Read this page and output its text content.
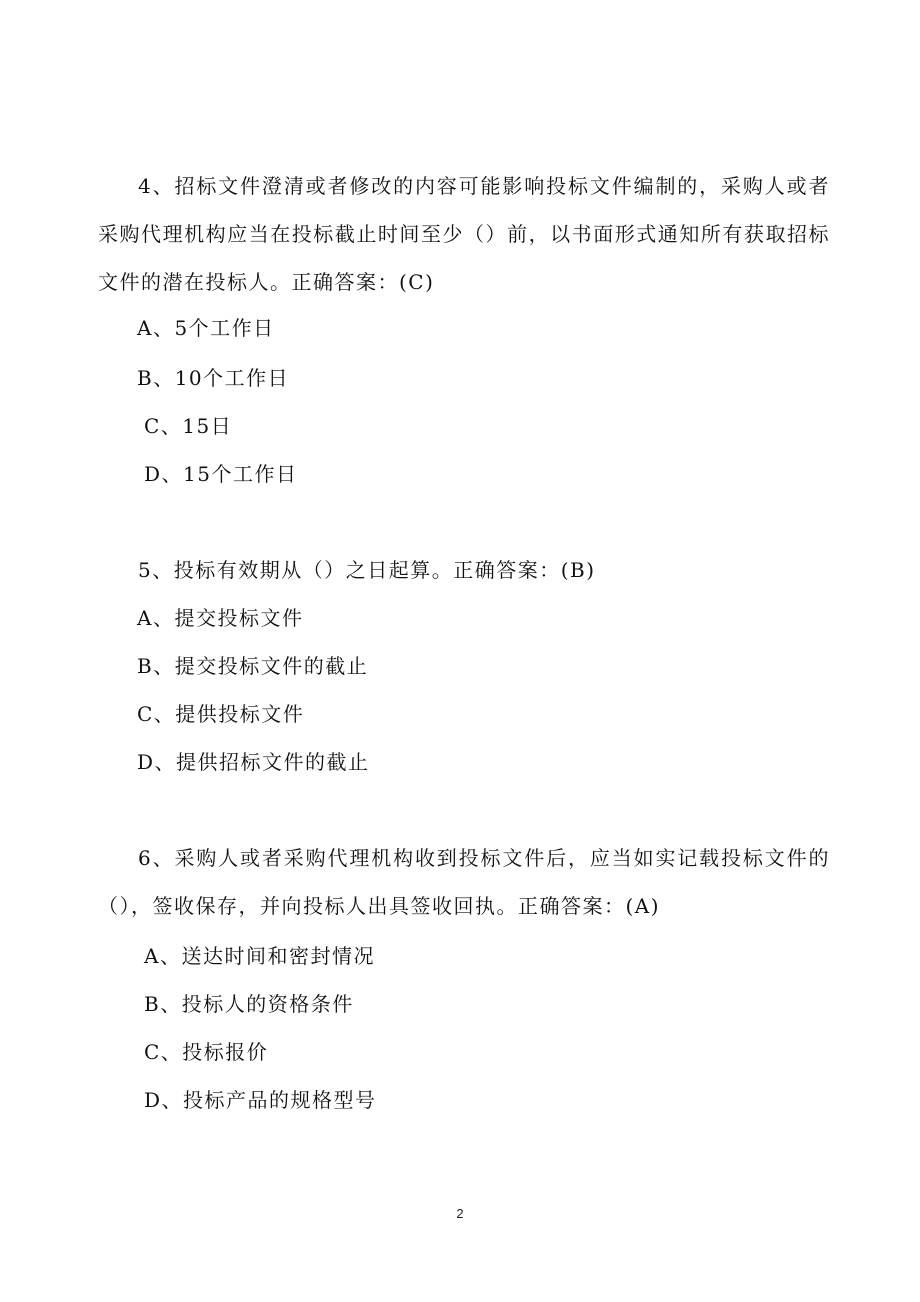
4、招标文件澄清或者修改的内容可能影响投标文件编制的，采购人或者采购代理机构应当在投标截止时间至少（）前，以书面形式通知所有获取招标文件的潜在投标人。正确答案：(C)

A、5个工作日

B、10个工作日

C、15日

D、15个工作日

5、投标有效期从（）之日起算。正确答案：(B)

A、提交投标文件

B、提交投标文件的截止

C、提供投标文件

D、提供招标文件的截止

6、采购人或者采购代理机构收到投标文件后，应当如实记载投标文件的（），签收保存，并向投标人出具签收回执。正确答案：(A)

A、送达时间和密封情况

B、投标人的资格条件

C、投标报价

D、投标产品的规格型号

2
